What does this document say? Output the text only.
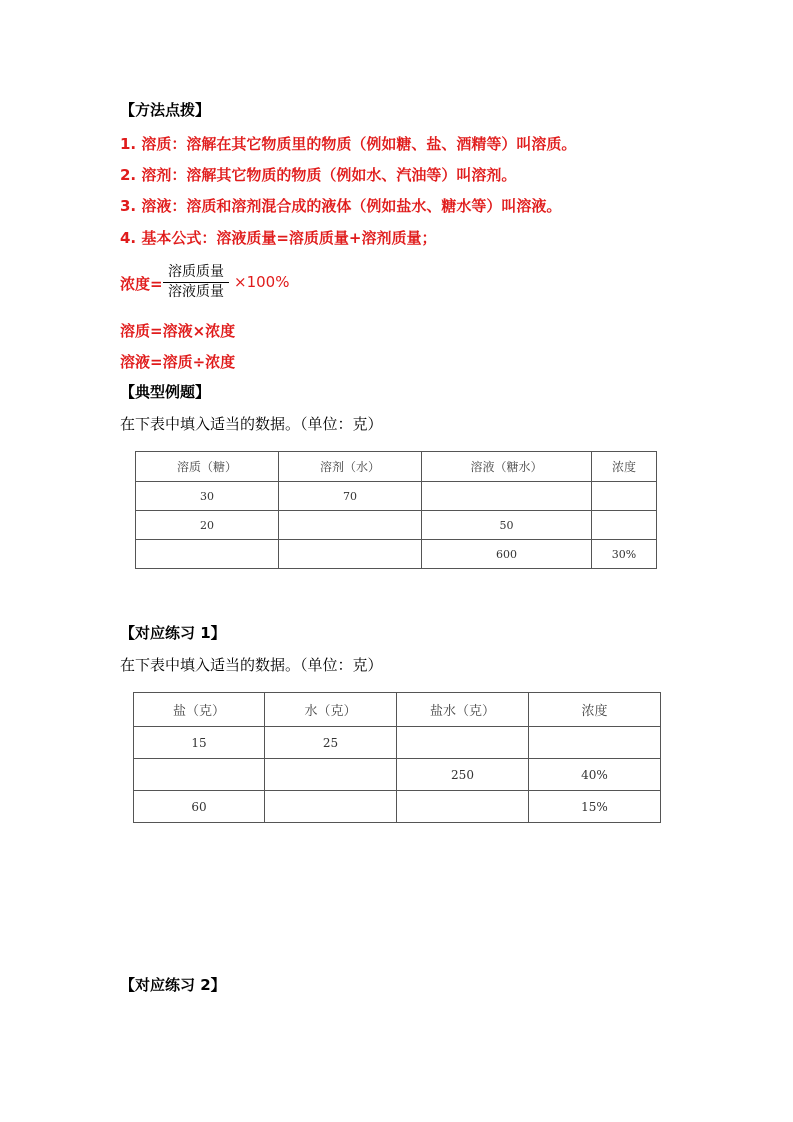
【方法点拨】
1. 溶质：溶解在其它物质里的物质（例如糖、盐、酒精等）叫溶质。
2. 溶剂：溶解其它物质的物质（例如水、汽油等）叫溶剂。
3. 溶液：溶质和溶剂混合成的液体（例如盐水、糖水等）叫溶液。
4. 基本公式：溶液质量=溶质质量+溶剂质量；
浓度=
溶质质量
溶液质量
×100%
溶质=溶液×浓度
溶液=溶质÷浓度
【典型例题】
在下表中填入适当的数据。（单位：克）
溶质（糖）	溶剂（水）	溶液（糖水）	浓度
30	70		
20		50	
		600	30%
【对应练习 1】
在下表中填入适当的数据。（单位：克）
盐（克）	水（克）	盐水（克）	浓度
15	25		
		250	40%
60			15%
【对应练习 2】
